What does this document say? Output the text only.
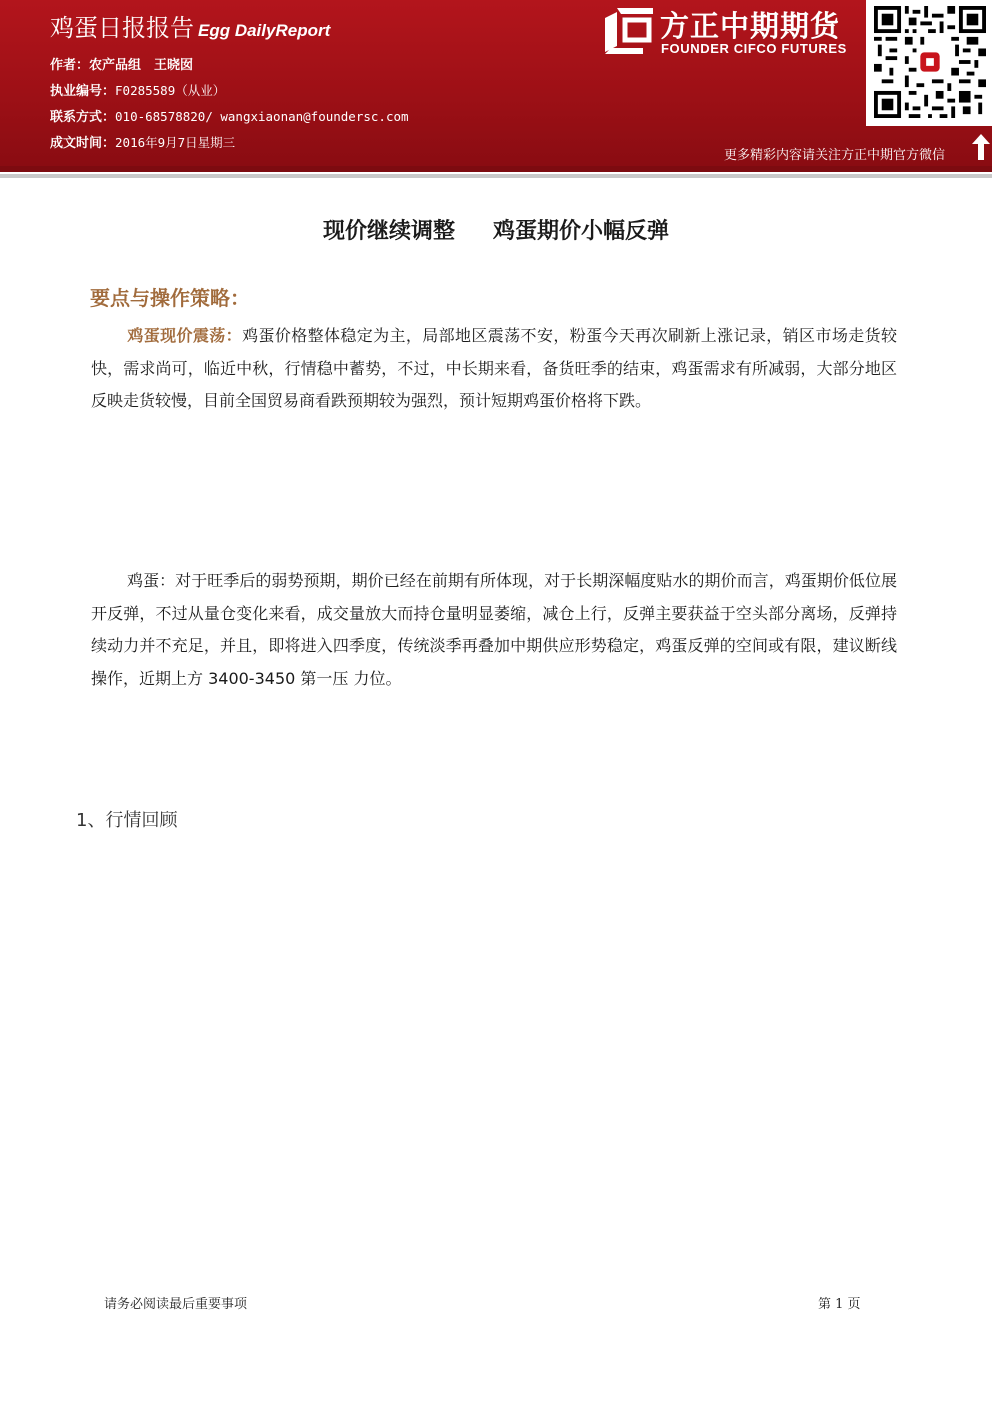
鸡蛋日报报告 Egg DailyReport
作者：农产品组　王晓囡
执业编号：F0285589（从业）
联系方式：010-68578820/ wangxiaonan@foundersc.com
成文时间：2016年9月7日星期三
方正中期期货
FOUNDER CIFCO FUTURES
更多精彩内容请关注方正中期官方微信
现价继续调整 鸡蛋期价小幅反弹
要点与操作策略：

鸡蛋现价震荡：鸡蛋价格整体稳定为主，局部地区震荡不安，粉蛋今天再次刷新上涨记录，销区市场走货较快，需求尚可，临近中秋，行情稳中蓄势，不过，中长期来看，备货旺季的结束，鸡蛋需求有所减弱，大部分地区反映走货较慢，目前全国贸易商看跌预期较为强烈，预计短期鸡蛋价格将下跌。

鸡蛋：对于旺季后的弱势预期，期价已经在前期有所体现，对于长期深幅度贴水的期价而言，鸡蛋期价低位展开反弹，不过从量仓变化来看，成交量放大而持仓量明显萎缩，减仓上行，反弹主要获益于空头部分离场，反弹持续动力并不充足，并且，即将进入四季度，传统淡季再叠加中期供应形势稳定，鸡蛋反弹的空间或有限，建议断线操作，近期上方 3400-3450 第一压 力位。

1、行情回顾
请务必阅读最后重要事项	第 1 页
